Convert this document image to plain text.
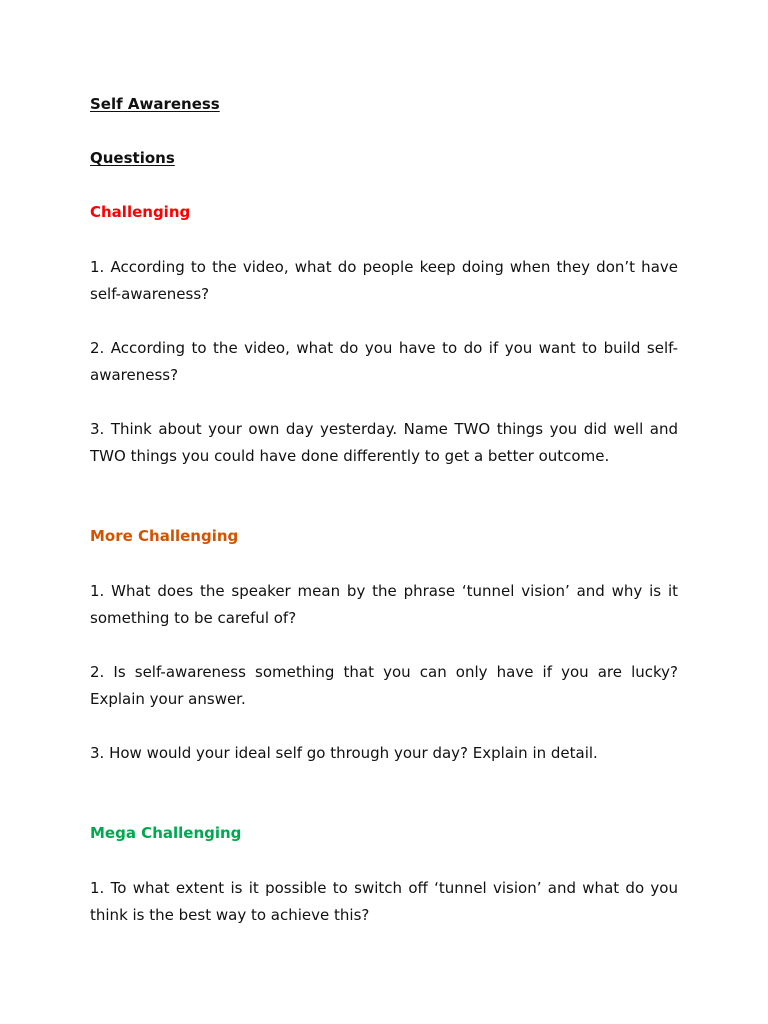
Self Awareness

Questions

Challenging

1. According to the video, what do people keep doing when they don’t have self-awareness?

2. According to the video, what do you have to do if you want to build self-awareness?

3. Think about your own day yesterday. Name TWO things you did well and TWO things you could have done differently to get a better outcome.

More Challenging

1. What does the speaker mean by the phrase ‘tunnel vision’ and why is it something to be careful of?

2. Is self-awareness something that you can only have if you are lucky? Explain your answer.

3. How would your ideal self go through your day? Explain in detail.

Mega Challenging

1. To what extent is it possible to switch off ‘tunnel vision’ and what do you think is the best way to achieve this?
